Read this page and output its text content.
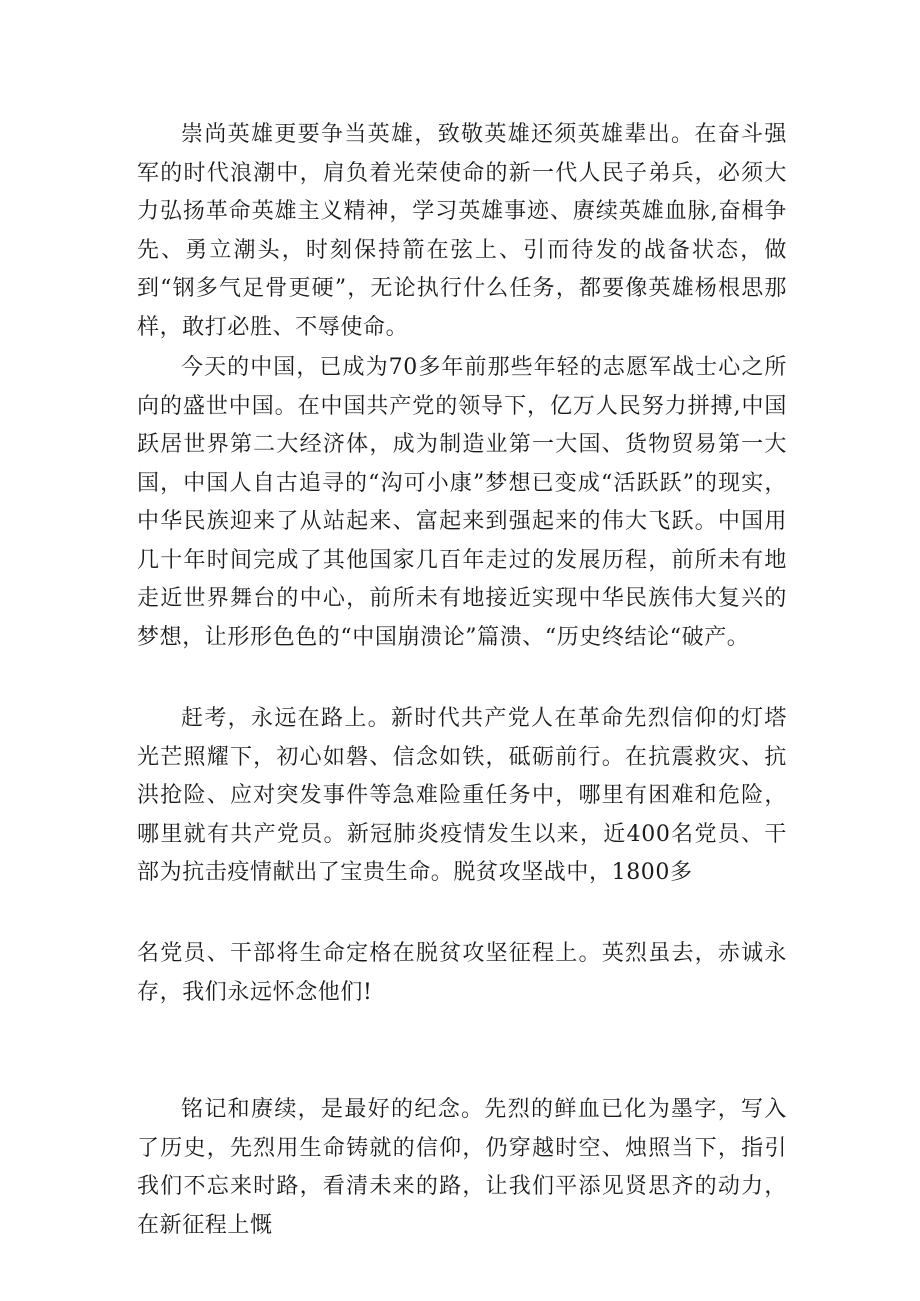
崇尚英雄更要争当英雄，致敬英雄还须英雄辈出。在奋斗强军的时代浪潮中，肩负着光荣使命的新一代人民子弟兵，必须大力弘扬革命英雄主义精神，学习英雄事迹、赓续英雄血脉,奋楫争先、勇立潮头，时刻保持箭在弦上、引而待发的战备状态，做到“钢多气足骨更硬”，无论执行什么任务，都要像英雄杨根思那样，敢打必胜、不辱使命。

今天的中国，已成为70多年前那些年轻的志愿军战士心之所向的盛世中国。在中国共产党的领导下，亿万人民努力拼搏,中国跃居世界第二大经济体，成为制造业第一大国、货物贸易第一大国，中国人自古追寻的“沟可小康”梦想已变成“活跃跃”的现实，中华民族迎来了从站起来、富起来到强起来的伟大飞跃。中国用几十年时间完成了其他国家几百年走过的发展历程，前所未有地走近世界舞台的中心，前所未有地接近实现中华民族伟大复兴的梦想，让形形色色的“中国崩溃论”篇溃、“历史终结论“破产。

赶考，永远在路上。新时代共产党人在革命先烈信仰的灯塔光芒照耀下，初心如磐、信念如铁，砥砺前行。在抗震救灾、抗洪抢险、应对突发事件等急难险重任务中，哪里有困难和危险，哪里就有共产党员。新冠肺炎疫情发生以来，近400名党员、干部为抗击疫情献出了宝贵生命。脱贫攻坚战中，1800多

名党员、干部将生命定格在脱贫攻坚征程上。英烈虽去，赤诚永存，我们永远怀念他们!

铭记和赓续，是最好的纪念。先烈的鲜血已化为墨字，写入了历史，先烈用生命铸就的信仰，仍穿越时空、烛照当下，指引我们不忘来时路，看清未来的路，让我们平添见贤思齐的动力，在新征程上慨
